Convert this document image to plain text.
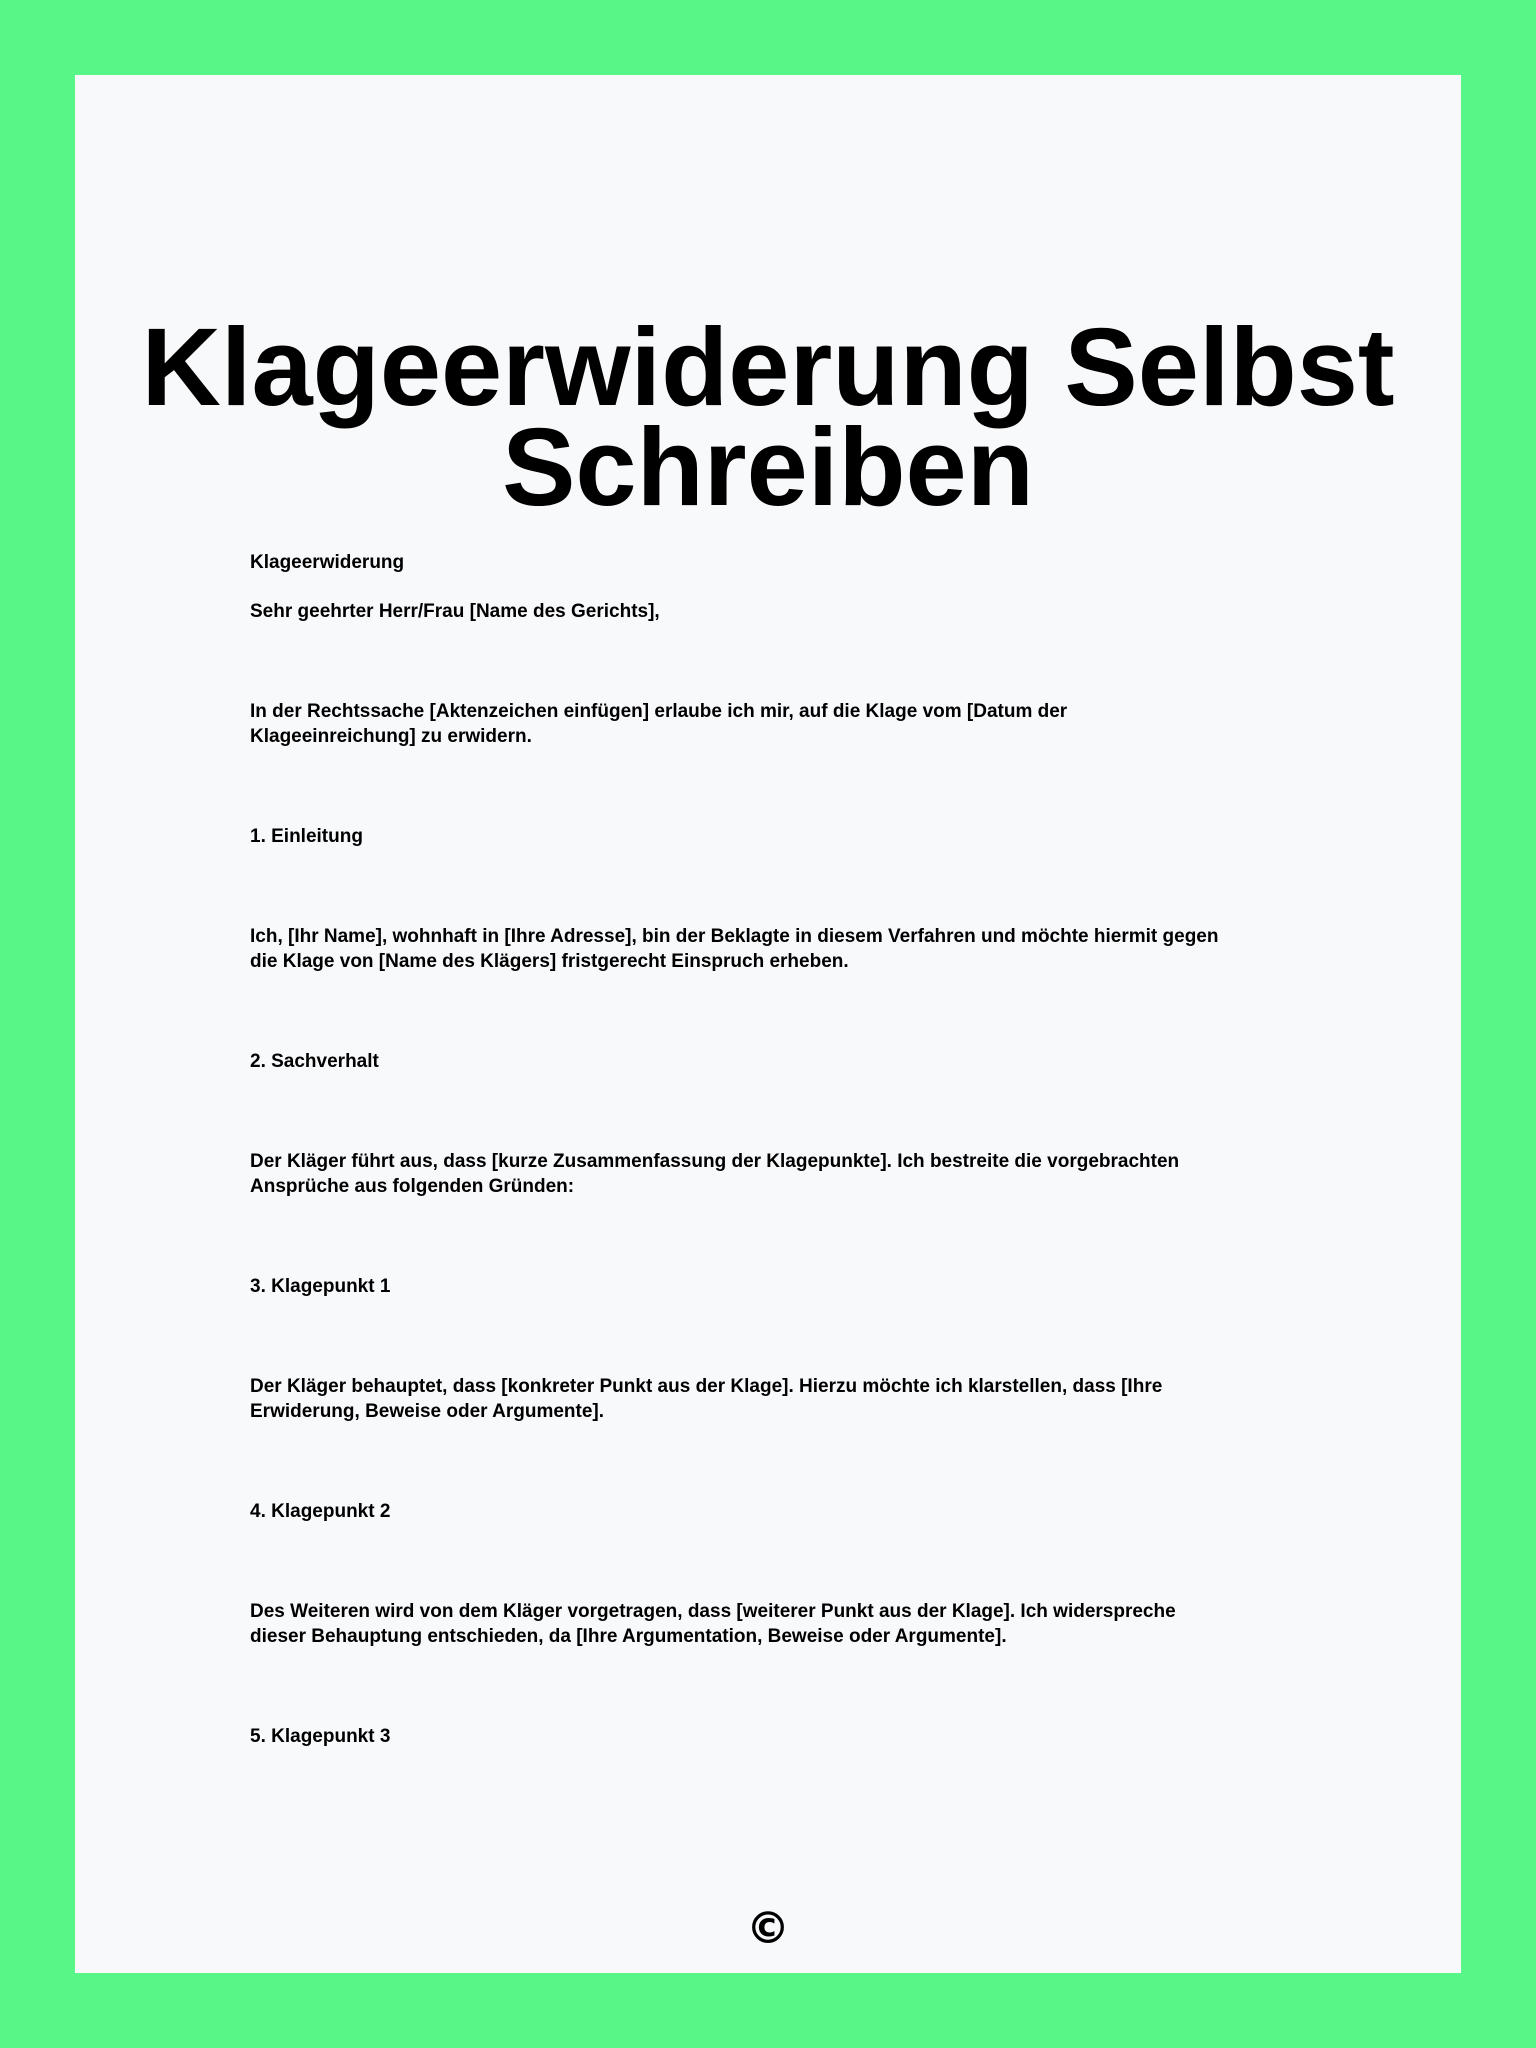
Klageerwiderung Selbst
Schreiben

Klageerwiderung

Sehr geehrter Herr/Frau [Name des Gerichts],

In der Rechtssache [Aktenzeichen einfügen] erlaube ich mir, auf die Klage vom [Datum der

Klageeinreichung] zu erwidern.

1. Einleitung

Ich, [Ihr Name], wohnhaft in [Ihre Adresse], bin der Beklagte in diesem Verfahren und möchte hiermit gegen

die Klage von [Name des Klägers] fristgerecht Einspruch erheben.

2. Sachverhalt

Der Kläger führt aus, dass [kurze Zusammenfassung der Klagepunkte]. Ich bestreite die vorgebrachten

Ansprüche aus folgenden Gründen:

3. Klagepunkt 1

Der Kläger behauptet, dass [konkreter Punkt aus der Klage]. Hierzu möchte ich klarstellen, dass [Ihre

Erwiderung, Beweise oder Argumente].

4. Klagepunkt 2

Des Weiteren wird von dem Kläger vorgetragen, dass [weiterer Punkt aus der Klage]. Ich widerspreche

dieser Behauptung entschieden, da [Ihre Argumentation, Beweise oder Argumente].

5. Klagepunkt 3

©
